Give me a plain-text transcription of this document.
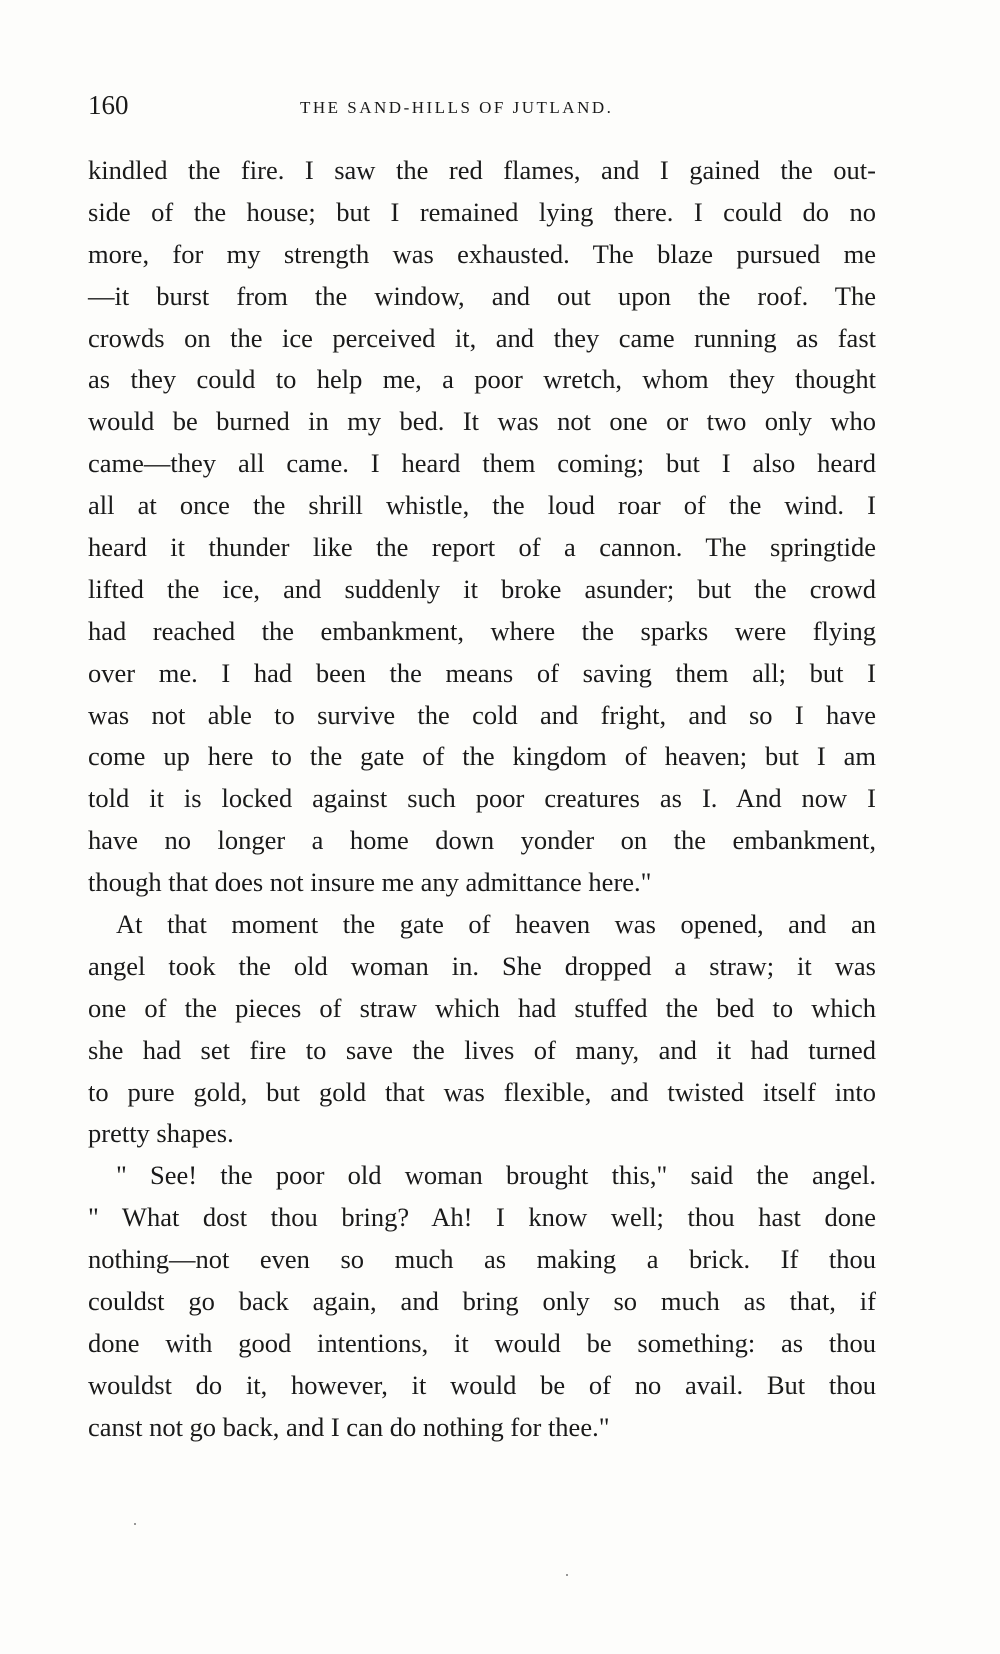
160	THE SAND-HILLS OF JUTLAND.
kindled the fire. I saw the red flames, and I gained the out-
side of the house; but I remained lying there. I could do no
more, for my strength was exhausted. The blaze pursued me
—it burst from the window, and out upon the roof. The
crowds on the ice perceived it, and they came running as fast
as they could to help me, a poor wretch, whom they thought
would be burned in my bed. It was not one or two only who
came—they all came. I heard them coming; but I also heard
all at once the shrill whistle, the loud roar of the wind. I
heard it thunder like the report of a cannon. The springtide
lifted the ice, and suddenly it broke asunder; but the crowd
had reached the embankment, where the sparks were flying
over me. I had been the means of saving them all; but I
was not able to survive the cold and fright, and so I have
come up here to the gate of the kingdom of heaven; but I am
told it is locked against such poor creatures as I. And now I
have no longer a home down yonder on the embankment,
though that does not insure me any admittance here."
At that moment the gate of heaven was opened, and an
angel took the old woman in. She dropped a straw; it was
one of the pieces of straw which had stuffed the bed to which
she had set fire to save the lives of many, and it had turned
to pure gold, but gold that was flexible, and twisted itself into
pretty shapes.
" See! the poor old woman brought this," said the angel.
" What dost thou bring? Ah! I know well; thou hast done
nothing—not even so much as making a brick. If thou
couldst go back again, and bring only so much as that, if
done with good intentions, it would be something: as thou
wouldst do it, however, it would be of no avail. But thou
canst not go back, and I can do nothing for thee."
